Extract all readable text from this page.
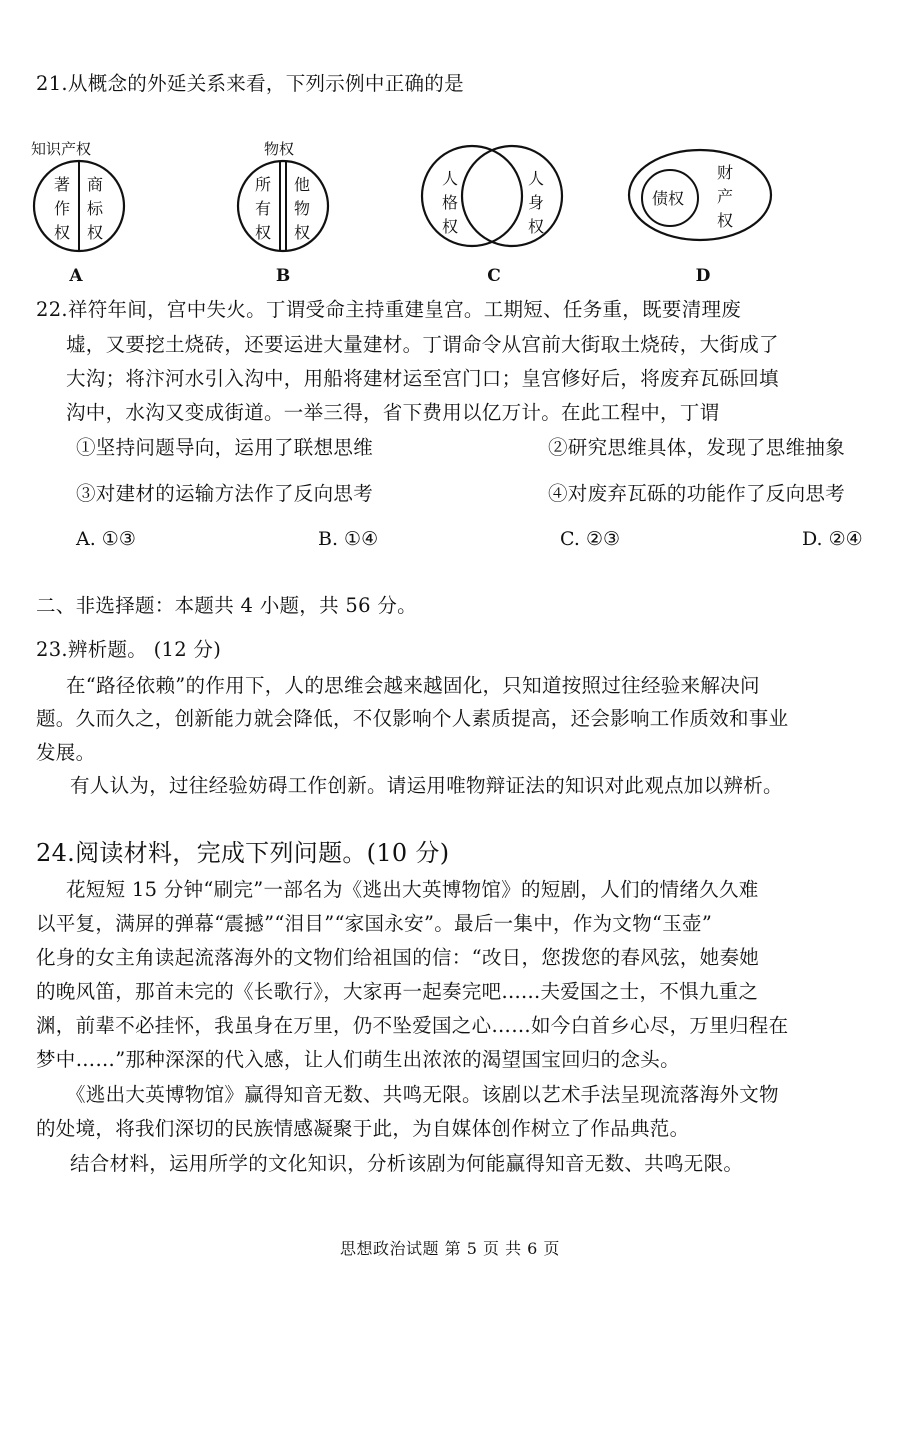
21.从概念的外延关系来看，下列示例中正确的是
知识产权
著
作
权
商
标
权
A
物权
所
有
权
他
物
权
B
人
格
权
人
身
权
C
债权
财
产
权
D
22.祥符年间，宫中失火。丁谓受命主持重建皇宫。工期短、任务重，既要清理废
墟，又要挖土烧砖，还要运进大量建材。丁谓命令从宫前大街取土烧砖，大街成了
大沟；将汴河水引入沟中，用船将建材运至宫门口；皇宫修好后，将废弃瓦砾回填
沟中，水沟又变成街道。一举三得，省下费用以亿万计。在此工程中，丁谓
①坚持问题导向，运用了联想思维	②研究思维具体，发现了思维抽象
③对建材的运输方法作了反向思考	④对废弃瓦砾的功能作了反向思考
A. ①③	B. ①④	C. ②③	D. ②④
二、非选择题：本题共 4 小题，共 56 分。
23.辨析题。 (12 分)
在“路径依赖”的作用下，人的思维会越来越固化，只知道按照过往经验来解决问
题。久而久之，创新能力就会降低，不仅影响个人素质提高，还会影响工作质效和事业
发展。
有人认为，过往经验妨碍工作创新。请运用唯物辩证法的知识对此观点加以辨析。
24.阅读材料，完成下列问题。(10 分)
花短短 15 分钟“刷完”一部名为《逃出大英博物馆》的短剧，人们的情绪久久难
以平复，满屏的弹幕“震撼”“泪目”“家国永安”。最后一集中，作为文物“玉壶”
化身的女主角读起流落海外的文物们给祖国的信：“改日，您拨您的春风弦，她奏她
的晚风笛，那首未完的《长歌行》，大家再一起奏完吧......夫爱国之士，不惧九重之
渊，前辈不必挂怀，我虽身在万里，仍不坠爱国之心……如今白首乡心尽，万里归程在
梦中……”那种深深的代入感，让人们萌生出浓浓的渴望国宝回归的念头。
《逃出大英博物馆》赢得知音无数、共鸣无限。该剧以艺术手法呈现流落海外文物
的处境，将我们深切的民族情感凝聚于此，为自媒体创作树立了作品典范。
结合材料，运用所学的文化知识，分析该剧为何能赢得知音无数、共鸣无限。
思想政治试题 第 5 页 共 6 页
